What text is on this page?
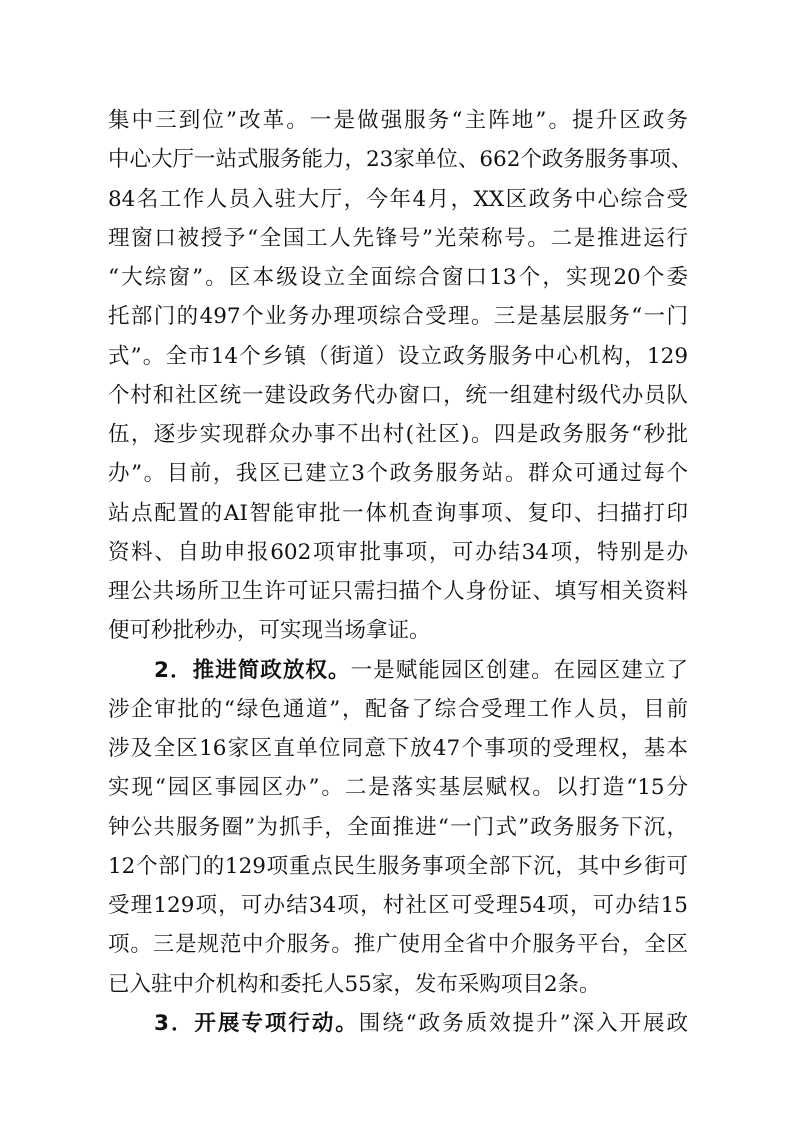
集中三到位”改革。一是做强服务“主阵地”。提升区政务
中心大厅一站式服务能力，23家单位、662个政务服务事项、
84名工作人员入驻大厅，今年4月，XX区政务中心综合受
理窗口被授予“全国工人先锋号”光荣称号。二是推进运行
“大综窗”。区本级设立全面综合窗口13个，实现20个委
托部门的497个业务办理项综合受理。三是基层服务“一门
式”。全市14个乡镇（街道）设立政务服务中心机构，129
个村和社区统一建设政务代办窗口，统一组建村级代办员队
伍，逐步实现群众办事不出村(社区)。四是政务服务“秒批
办”。目前，我区已建立3个政务服务站。群众可通过每个
站点配置的AI智能审批一体机查询事项、复印、扫描打印
资料、自助申报602项审批事项，可办结34项，特别是办
理公共场所卫生许可证只需扫描个人身份证、填写相关资料
便可秒批秒办，可实现当场拿证。
2．推进简政放权。一是赋能园区创建。在园区建立了
涉企审批的“绿色通道”，配备了综合受理工作人员，目前
涉及全区16家区直单位同意下放47个事项的受理权，基本
实现“园区事园区办”。二是落实基层赋权。以打造“15分
钟公共服务圈”为抓手，全面推进“一门式”政务服务下沉，
12个部门的129项重点民生服务事项全部下沉，其中乡街可
受理129项，可办结34项，村社区可受理54项，可办结15
项。三是规范中介服务。推广使用全省中介服务平台，全区
已入驻中介机构和委托人55家，发布采购项目2条。
3．开展专项行动。围绕“政务质效提升”深入开展政
